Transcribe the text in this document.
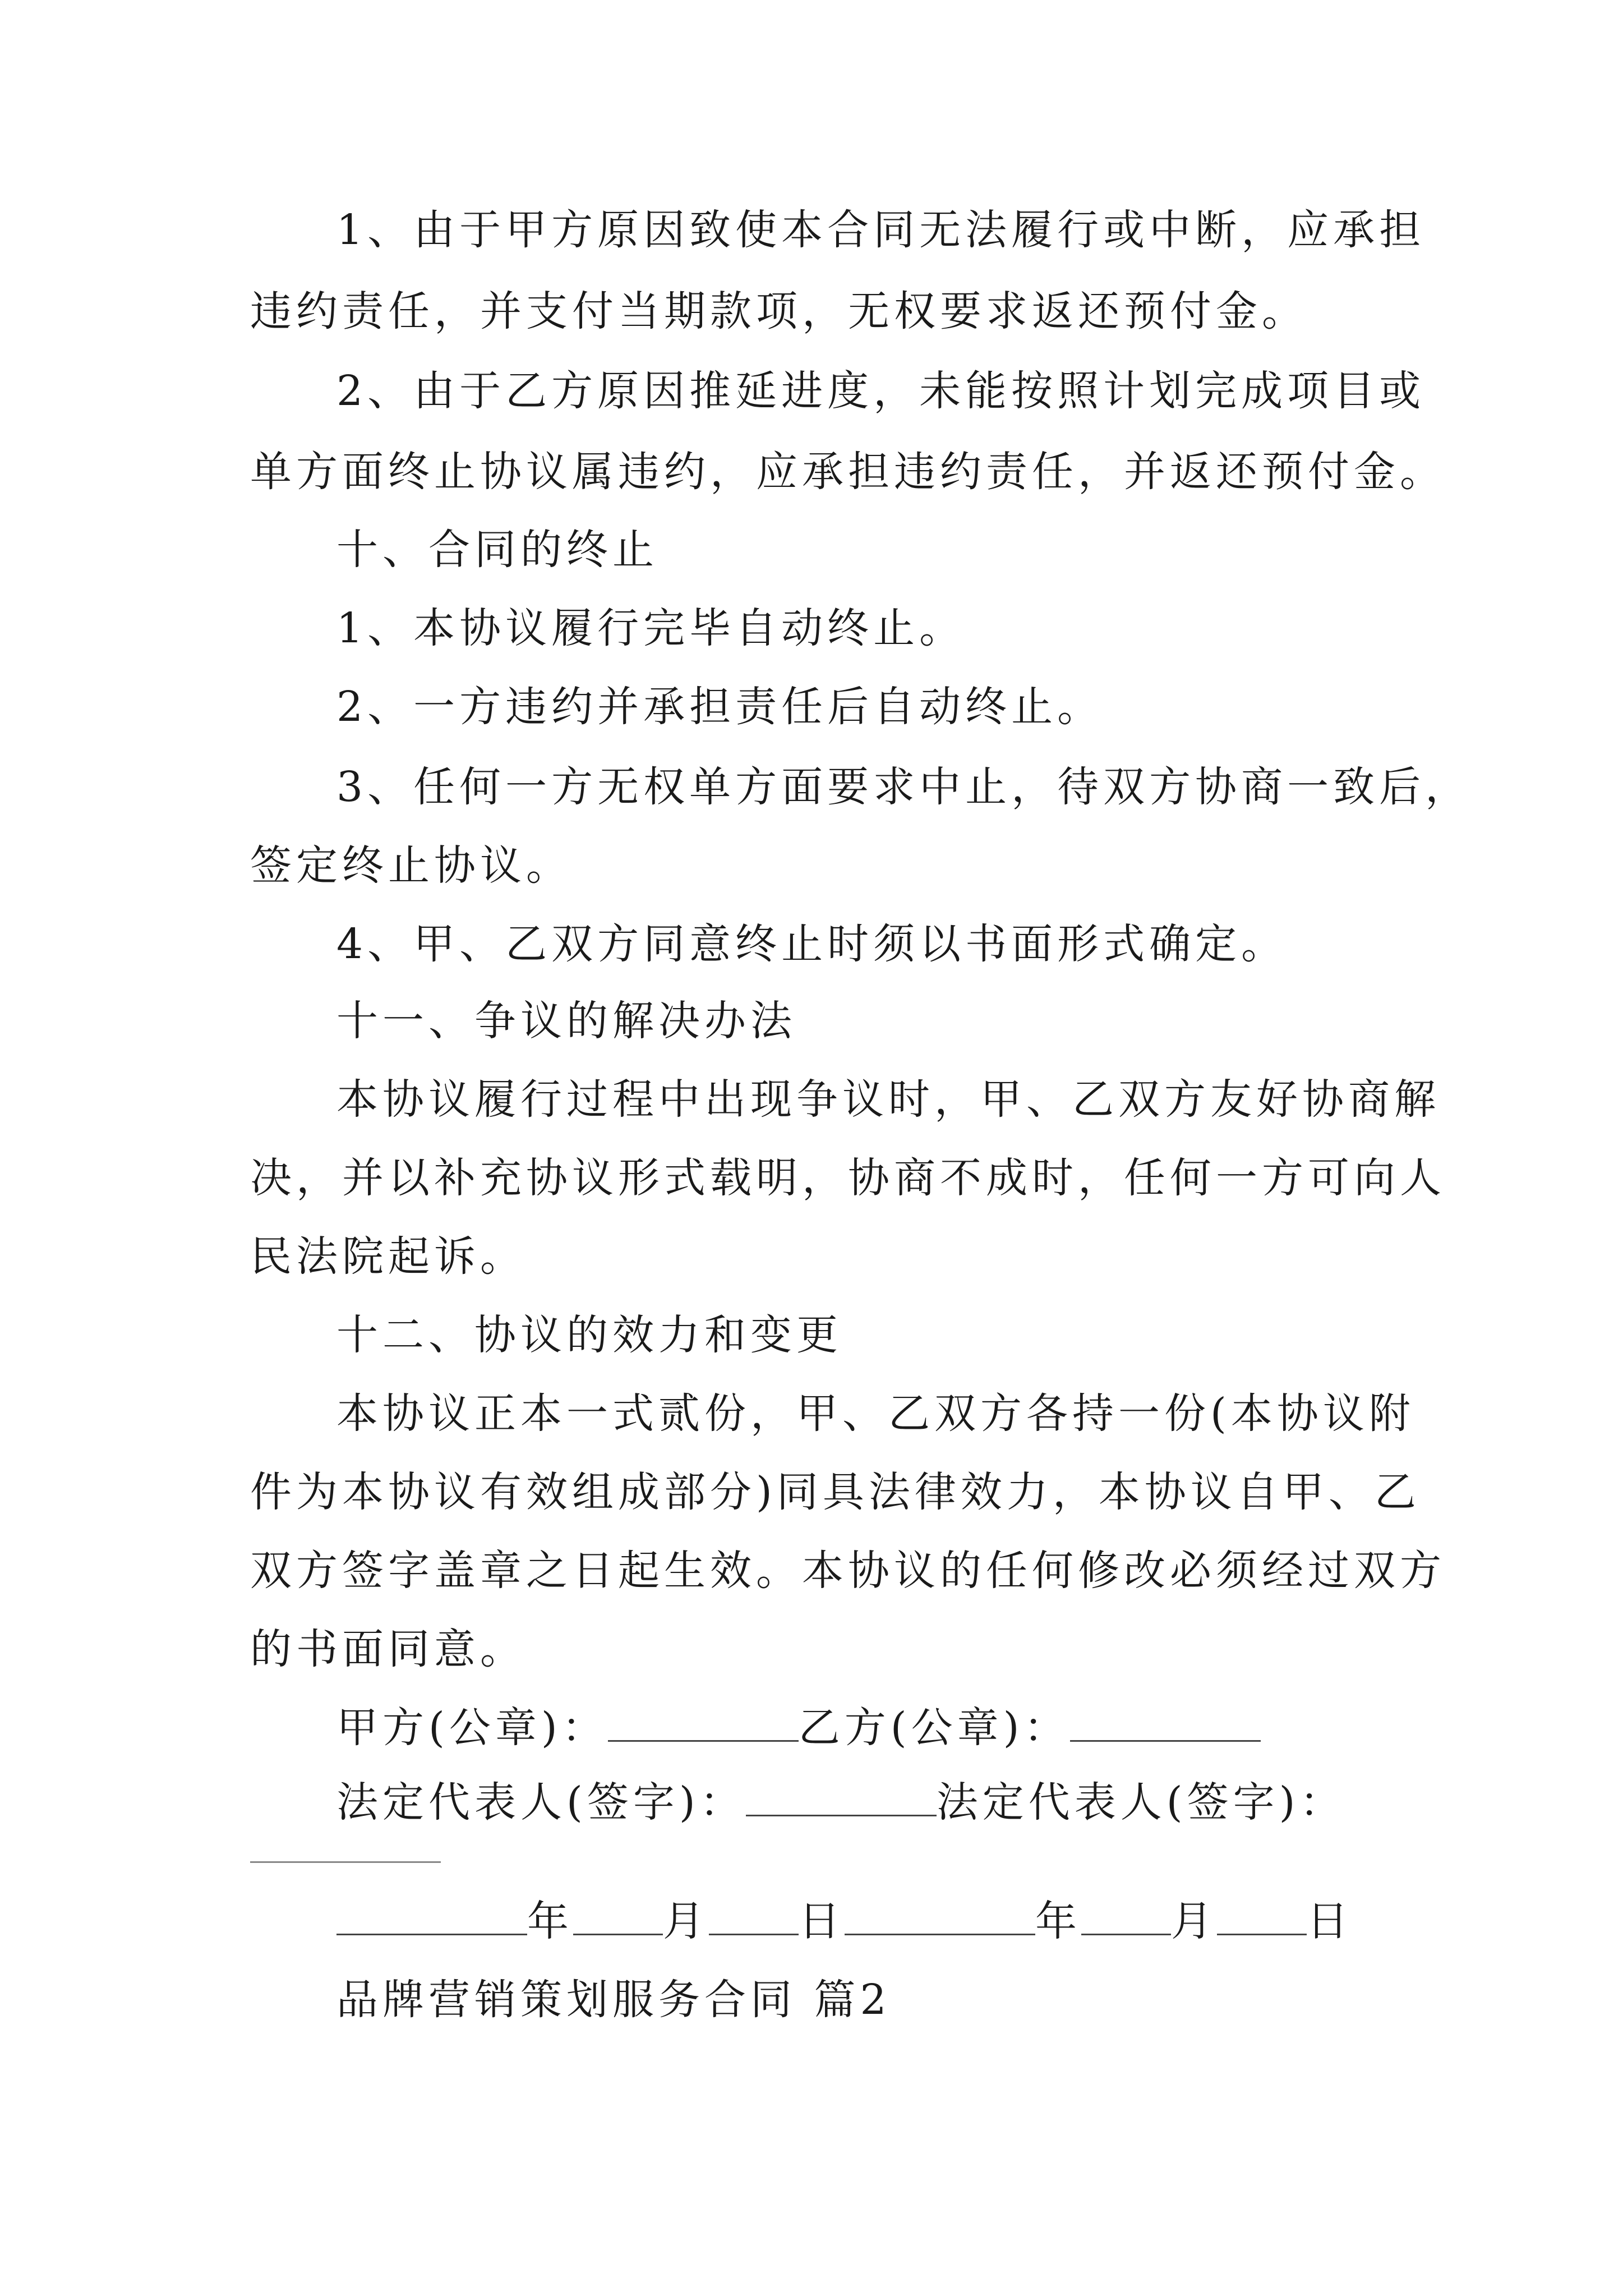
1、由于甲方原因致使本合同无法履行或中断，应承担
违约责任，并支付当期款项，无权要求返还预付金。
2、由于乙方原因推延进度，未能按照计划完成项目或
单方面终止协议属违约，应承担违约责任，并返还预付金。
十、合同的终止
1、本协议履行完毕自动终止。
2、一方违约并承担责任后自动终止。
3、任何一方无权单方面要求中止，待双方协商一致后，
签定终止协议。
4、甲、乙双方同意终止时须以书面形式确定。
十一、争议的解决办法
本协议履行过程中出现争议时，甲、乙双方友好协商解
决，并以补充协议形式载明，协商不成时，任何一方可向人
民法院起诉。
十二、协议的效力和变更
本协议正本一式贰份，甲、乙双方各持一份(本协议附
件为本协议有效组成部分)同具法律效力，本协议自甲、乙
双方签字盖章之日起生效。本协议的任何修改必须经过双方
的书面同意。
甲方(公章)：	乙方(公章)：
法定代表人(签字)：	法定代表人(签字)：
年 月 日	年 月 日
品牌营销策划服务合同 篇2
